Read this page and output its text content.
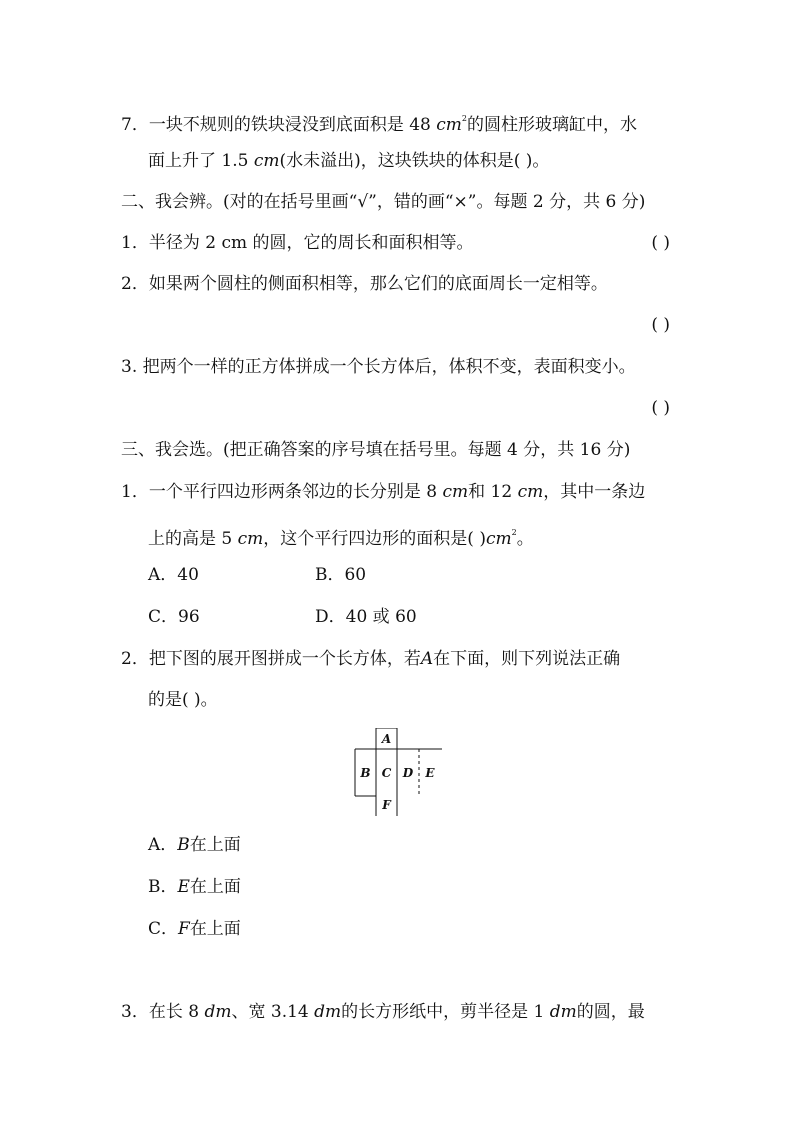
7．一块不规则的铁块浸没到底面积是 48 $cm^2$的圆柱形玻璃缸中，水
面上升了 1.5 cm(水未溢出)，这块铁块的体积是( )。
二、我会辨。(对的在括号里画“√”，错的画“×”。每题 2 分，共 6 分)
1．半径为 2 cm 的圆，它的周长和面积相等。	( )
2．如果两个圆柱的侧面积相等，那么它们的底面周长一定相等。
( )
3. 把两个一样的正方体拼成一个长方体后，体积不变，表面积变小。
( )
三、我会选。(把正确答案的序号填在括号里。每题 4 分，共 16 分)
1．一个平行四边形两条邻边的长分别是 8 cm和 12 cm，其中一条边
上的高是 5 cm，这个平行四边形的面积是( )$cm^2$。
A．40	B．60
C．96	D．40 或 60
2．把下图的展开图拼成一个长方体，若A在下面，则下列说法正确
的是( )。
A
B C D E
F
A．B在上面
B．E在上面
C．F在上面
3．在长 8 dm、宽 3.14 dm的长方形纸中，剪半径是 1 dm的圆，最
